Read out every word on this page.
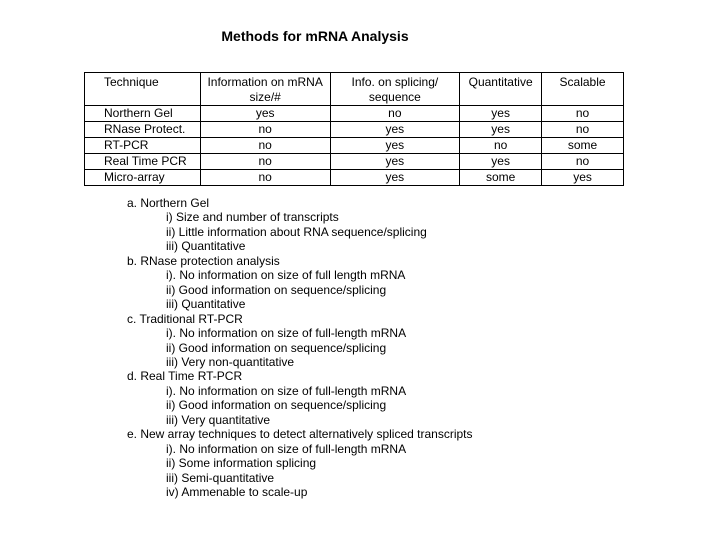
Methods for mRNA Analysis
Technique	Information on mRNA size/#	Info. on splicing/ sequence	Quantitative	Scalable
Northern Gel	yes	no	yes	no
RNase Protect.	no	yes	yes	no
RT-PCR	no	yes	no	some
Real Time PCR	no	yes	yes	no
Micro-array	no	yes	some	yes

a. Northern Gel

i) Size and number of transcripts

ii) Little information about RNA sequence/splicing

iii) Quantitative

b. RNase protection analysis

i). No information on size of full length mRNA

ii) Good information on sequence/splicing

iii) Quantitative

c. Traditional RT-PCR

i). No information on size of full-length mRNA

ii) Good information on sequence/splicing

iii) Very non-quantitative

d. Real Time RT-PCR

i). No information on size of full-length mRNA

ii) Good information on sequence/splicing

iii) Very quantitative

e. New array techniques to detect alternatively spliced transcripts

i). No information on size of full-length mRNA

ii) Some information splicing

iii) Semi-quantitative

iv) Ammenable to scale-up
